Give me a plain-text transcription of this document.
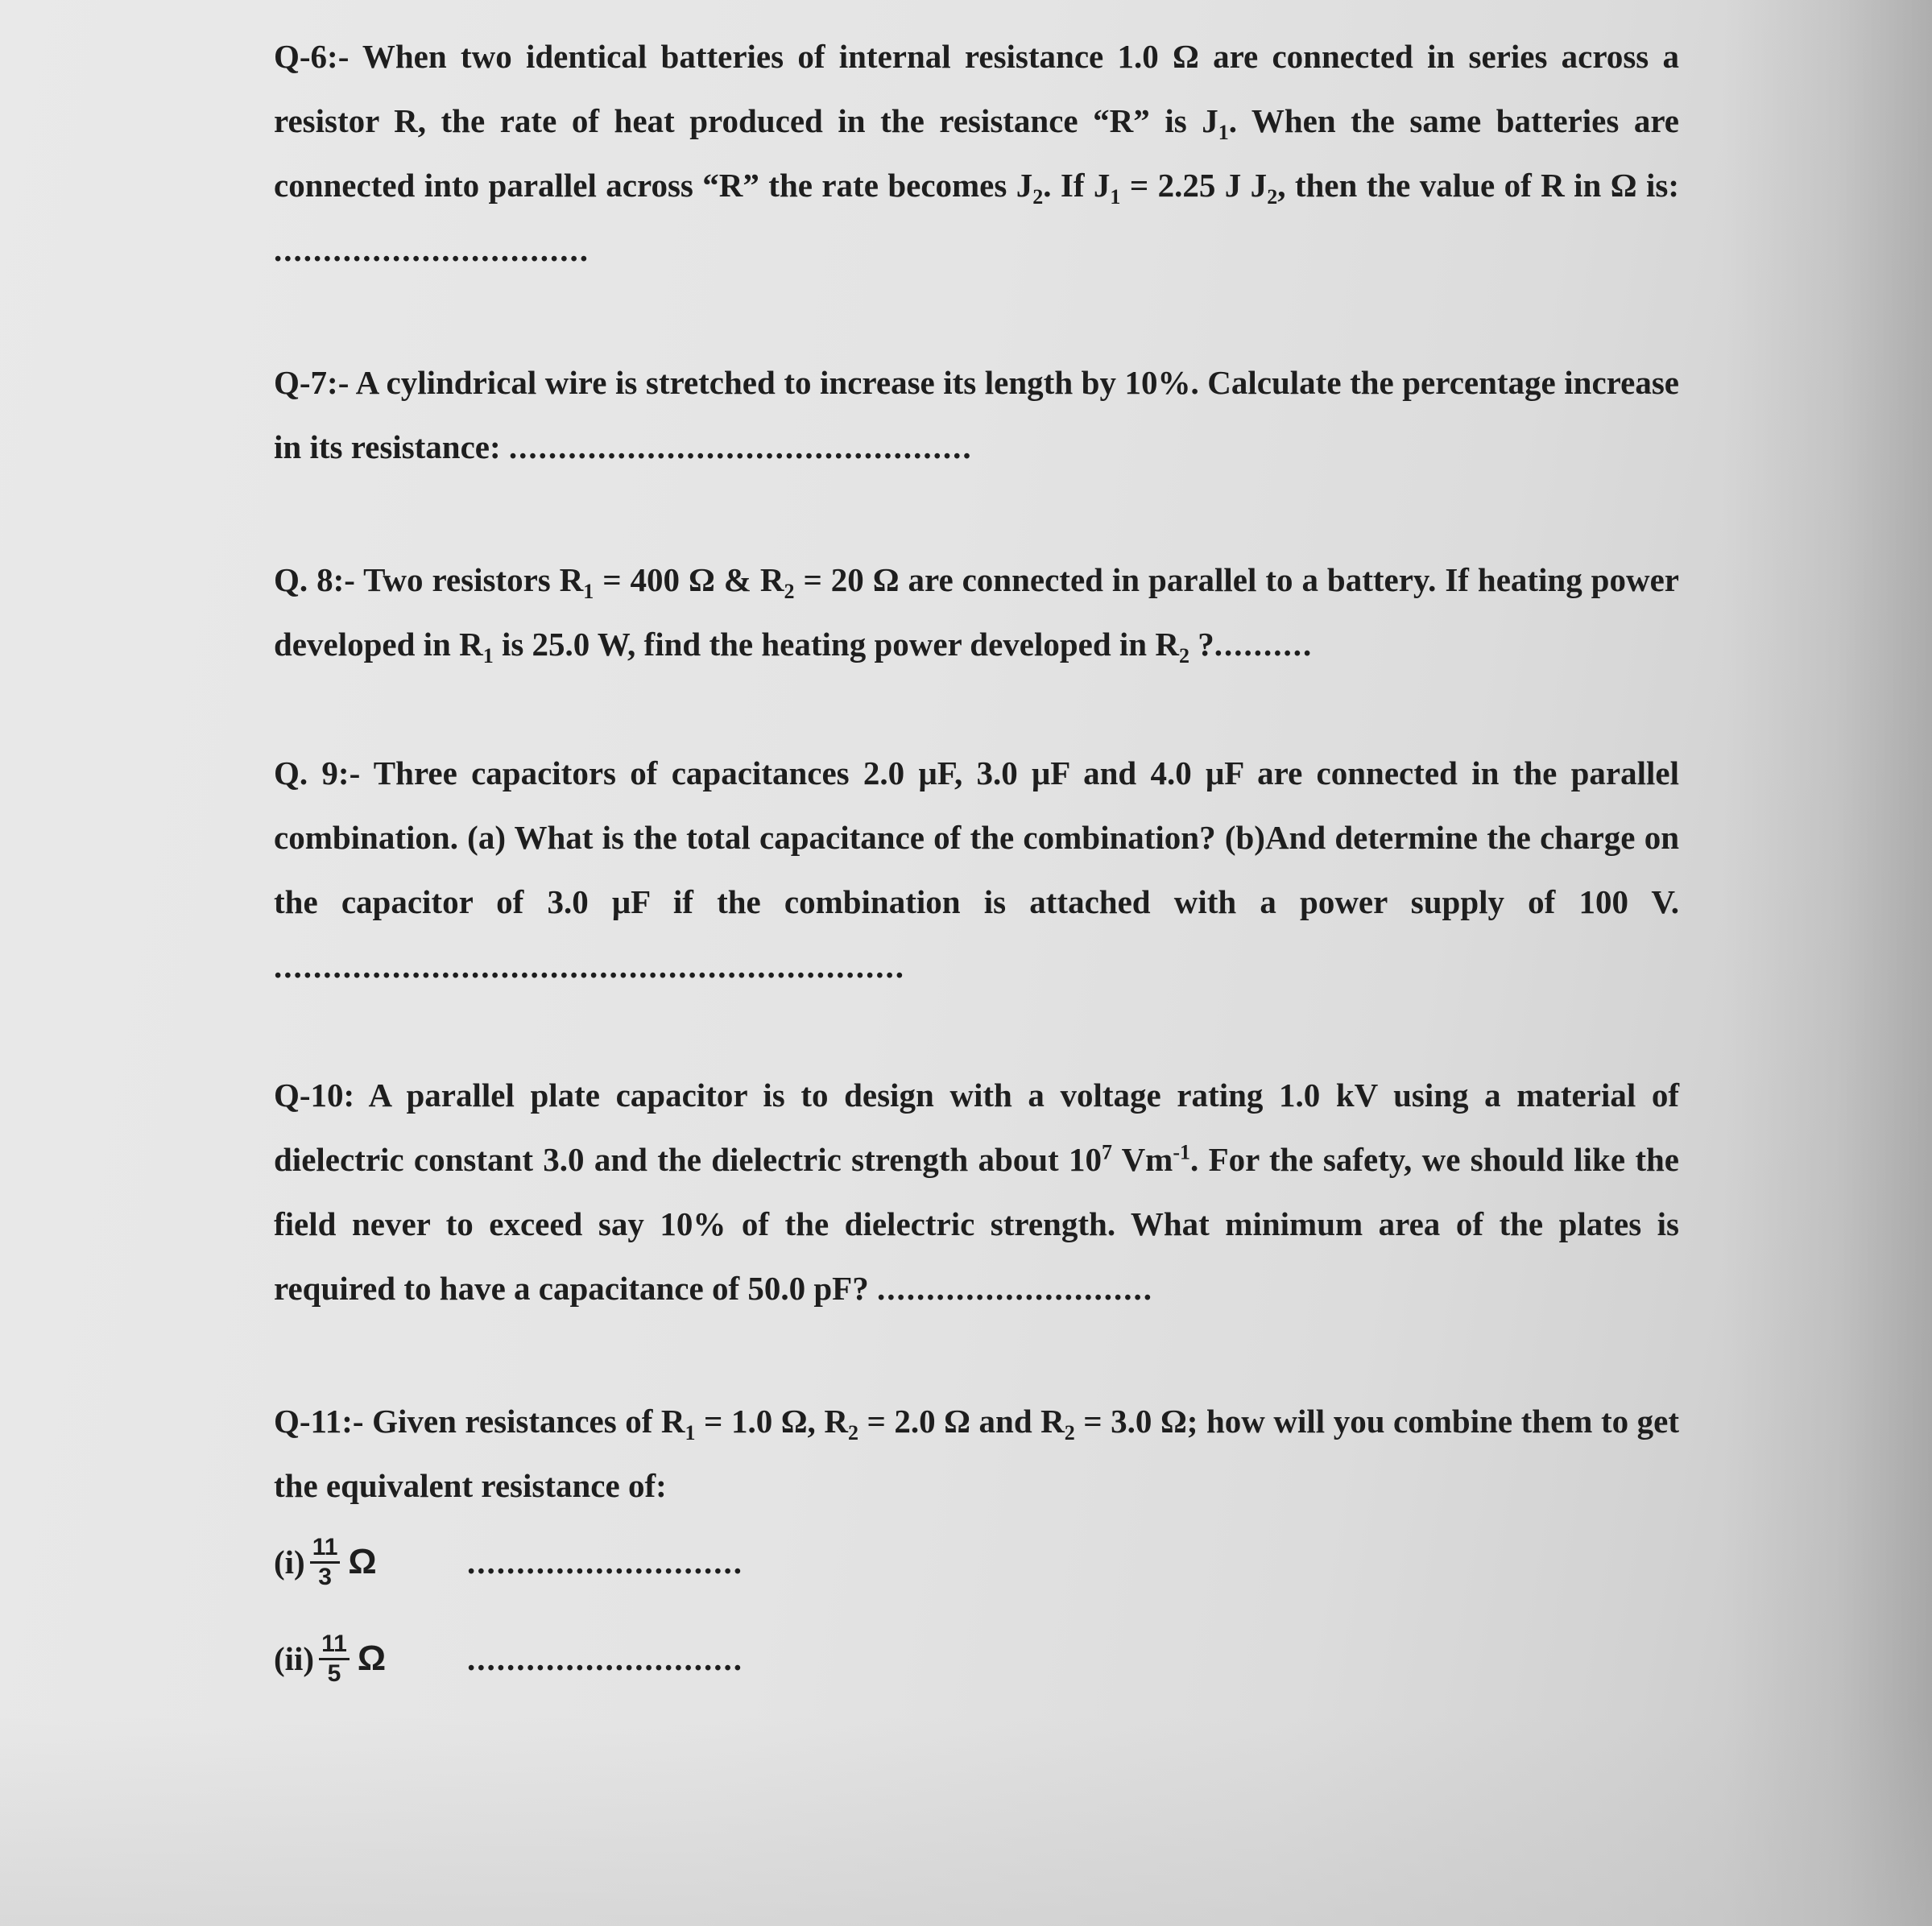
Q-6:- When two identical batteries of internal resistance 1.0 Ω are connected in series across a resistor R, the rate of heat produced in the resistance “R” is $J_1$. When the same batteries are connected into parallel across “R” the rate becomes $J_2$. If $J_1 = 2.25$ J $J_2$, then the value of R in Ω is: ................................

Q-7:- A cylindrical wire is stretched to increase its length by 10%. Calculate the percentage increase in its resistance: ...............................................

Q. 8:- Two resistors $R_1 = 400$ Ω & $R_2 = 20$ Ω are connected in parallel to a battery. If heating power developed in $R_1$ is 25.0 W, find the heating power developed in $R_2$ ?..........

Q. 9:- Three capacitors of capacitances 2.0 μF, 3.0 μF and 4.0 μF are connected in the parallel combination. (a) What is the total capacitance of the combination? (b)And determine the charge on the capacitor of 3.0 μF if the combination is attached with a power supply of 100 V. ................................................................

Q-10: A parallel plate capacitor is to design with a voltage rating 1.0 kV using a material of dielectric constant 3.0 and the dielectric strength about $10^7$ $Vm^{-1}$. For the safety, we should like the field never to exceed say 10% of the dielectric strength. What minimum area of the plates is required to have a capacitance of 50.0 pF? ............................

Q-11:- Given resistances of $R_1 = 1.0$ Ω, $R_2 = 2.0$ Ω and $R_2 = 3.0$ Ω; how will you combine them to get the equivalent resistance of:

$(i) \frac{11}{3}$ Ω	............................
$(ii) \frac{11}{5}$ Ω ............................
